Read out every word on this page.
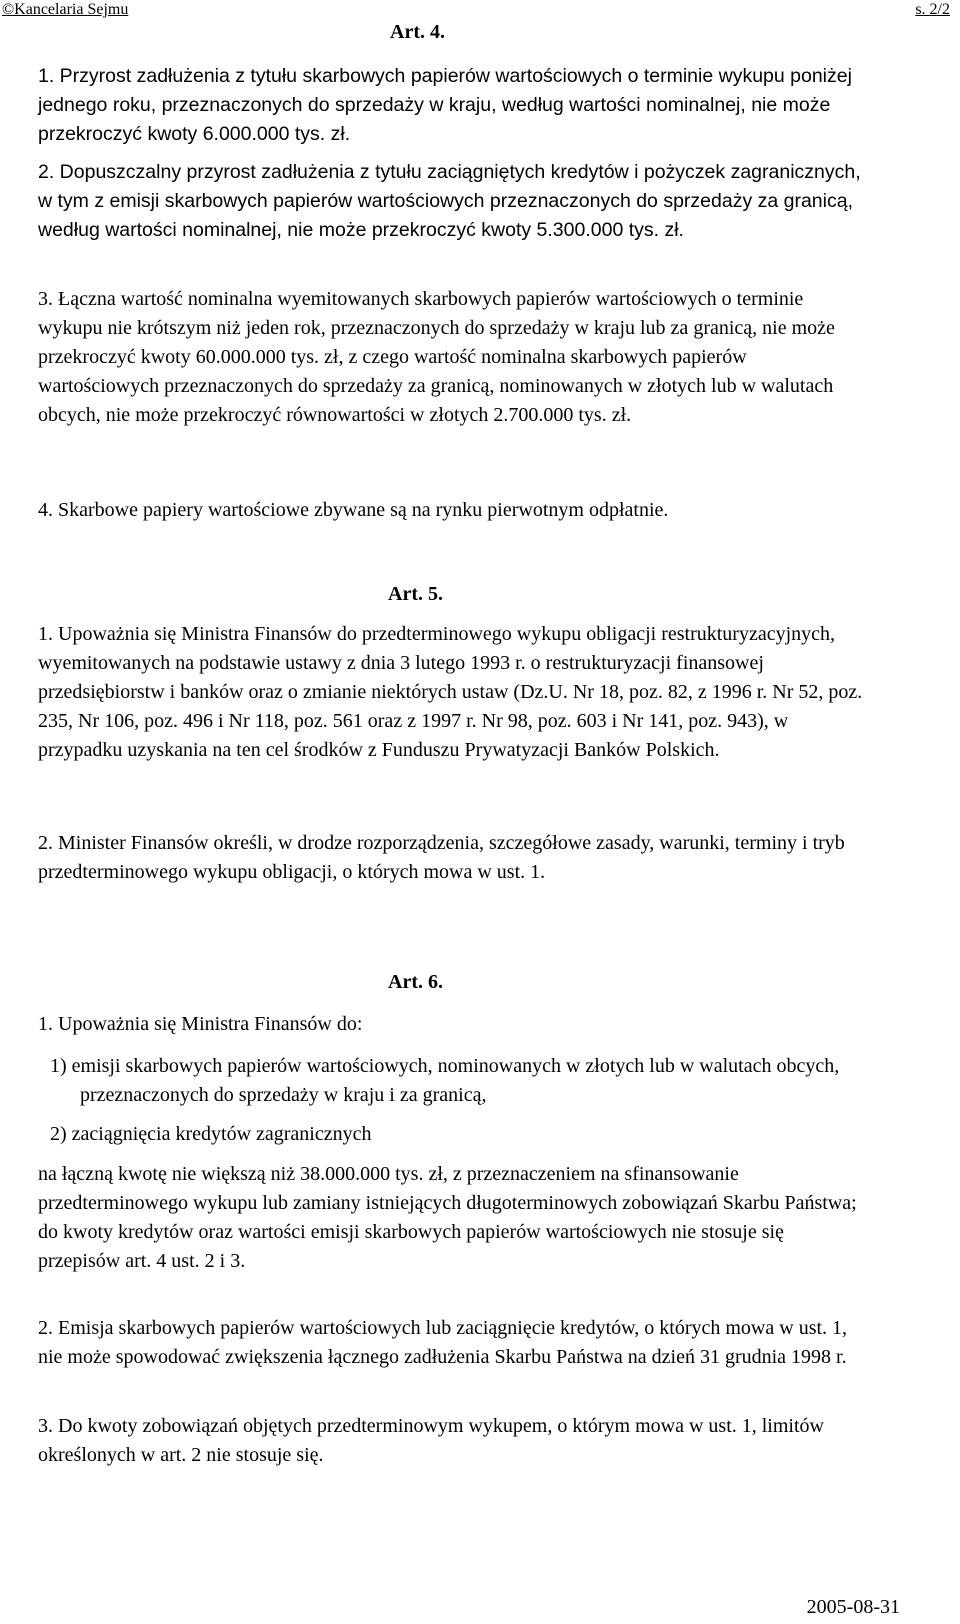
©Kancelaria Sejmu	s. 2/2
Art. 4.

1. Przyrost zadłużenia z tytułu skarbowych papierów wartościowych o terminie wykupu poniżej jednego roku, przeznaczonych do sprzedaży w kraju, według wartości nominalnej, nie może przekroczyć kwoty 6.000.000 tys. zł.

2. Dopuszczalny przyrost zadłużenia z tytułu zaciągniętych kredytów i pożyczek zagranicznych, w tym z emisji skarbowych papierów wartościowych przeznaczonych do sprzedaży za granicą, według wartości nominalnej, nie może przekroczyć kwoty 5.300.000 tys. zł.

3. Łączna wartość nominalna wyemitowanych skarbowych papierów wartościowych o terminie wykupu nie krótszym niż jeden rok, przeznaczonych do sprzedaży w kraju lub za granicą, nie może przekroczyć kwoty 60.000.000 tys. zł, z czego wartość nominalna skarbowych papierów wartościowych przeznaczonych do sprzedaży za granicą, nominowanych w złotych lub w walutach obcych, nie może przekroczyć równowartości w złotych 2.700.000 tys. zł.

4. Skarbowe papiery wartościowe zbywane są na rynku pierwotnym odpłatnie.

Art. 5.

1. Upoważnia się Ministra Finansów do przedterminowego wykupu obligacji restrukturyzacyjnych, wyemitowanych na podstawie ustawy z dnia 3 lutego 1993 r. o restrukturyzacji finansowej przedsiębiorstw i banków oraz o zmianie niektórych ustaw (Dz.U. Nr 18, poz. 82, z 1996 r. Nr 52, poz. 235, Nr 106, poz. 496 i Nr 118, poz. 561 oraz z 1997 r. Nr 98, poz. 603 i Nr 141, poz. 943), w przypadku uzyskania na ten cel środków z Funduszu Prywatyzacji Banków Polskich.

2. Minister Finansów określi, w drodze rozporządzenia, szczegółowe zasady, warunki, terminy i tryb przedterminowego wykupu obligacji, o których mowa w ust. 1.

Art. 6.

1. Upoważnia się Ministra Finansów do:

1) emisji skarbowych papierów wartościowych, nominowanych w złotych lub w walutach obcych, przeznaczonych do sprzedaży w kraju i za granicą,

2) zaciągnięcia kredytów zagranicznych

na łączną kwotę nie większą niż 38.000.000 tys. zł, z przeznaczeniem na sfinansowanie przedterminowego wykupu lub zamiany istniejących długoterminowych zobowiązań Skarbu Państwa; do kwoty kredytów oraz wartości emisji skarbowych papierów wartościowych nie stosuje się przepisów art. 4 ust. 2 i 3.

2. Emisja skarbowych papierów wartościowych lub zaciągnięcie kredytów, o których mowa w ust. 1, nie może spowodować zwiększenia łącznego zadłużenia Skarbu Państwa na dzień 31 grudnia 1998 r.

3. Do kwoty zobowiązań objętych przedterminowym wykupem, o którym mowa w ust. 1, limitów określonych w art. 2 nie stosuje się.

2005-08-31
